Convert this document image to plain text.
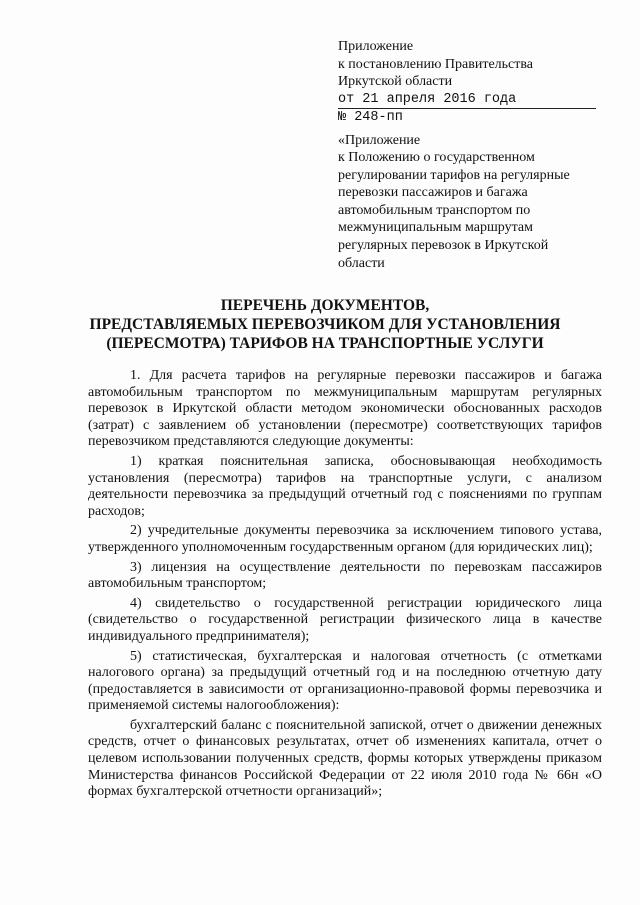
Приложение
к постановлению Правительства
Иркутской области
от 21 апреля 2016 года
№ 248-пп
«Приложение
к Положению о государственном
регулировании тарифов на регулярные
перевозки пассажиров и багажа
автомобильным транспортом по
межмуниципальным маршрутам
регулярных перевозок в Иркутской
области
ПЕРЕЧЕНЬ ДОКУМЕНТОВ,
ПРЕДСТАВЛЯЕМЫХ ПЕРЕВОЗЧИКОМ ДЛЯ УСТАНОВЛЕНИЯ
(ПЕРЕСМОТРА) ТАРИФОВ НА ТРАНСПОРТНЫЕ УСЛУГИ

1. Для расчета тарифов на регулярные перевозки пассажиров и багажа автомобильным транспортом по межмуниципальным маршрутам регулярных перевозок в Иркутской области методом экономически обоснованных расходов (затрат) с заявлением об установлении (пересмотре) соответствующих тарифов перевозчиком представляются следующие документы:

1) краткая пояснительная записка, обосновывающая необходимость установления (пересмотра) тарифов на транспортные услуги, с анализом деятельности перевозчика за предыдущий отчетный год с пояснениями по группам расходов;

2) учредительные документы перевозчика за исключением типового устава, утвержденного уполномоченным государственным органом (для юридических лиц);

3) лицензия на осуществление деятельности по перевозкам пассажиров автомобильным транспортом;

4) свидетельство о государственной регистрации юридического лица (свидетельство о государственной регистрации физического лица в качестве индивидуального предпринимателя);

5) статистическая, бухгалтерская и налоговая отчетность (с отметками налогового органа) за предыдущий отчетный год и на последнюю отчетную дату (предоставляется в зависимости от организационно-правовой формы перевозчика и применяемой системы налогообложения):

бухгалтерский баланс с пояснительной запиской, отчет о движении денежных средств, отчет о финансовых результатах, отчет об изменениях капитала, отчет о целевом использовании полученных средств, формы которых утверждены приказом Министерства финансов Российской Федерации от 22 июля 2010 года № 66н «О формах бухгалтерской отчетности организаций»;
